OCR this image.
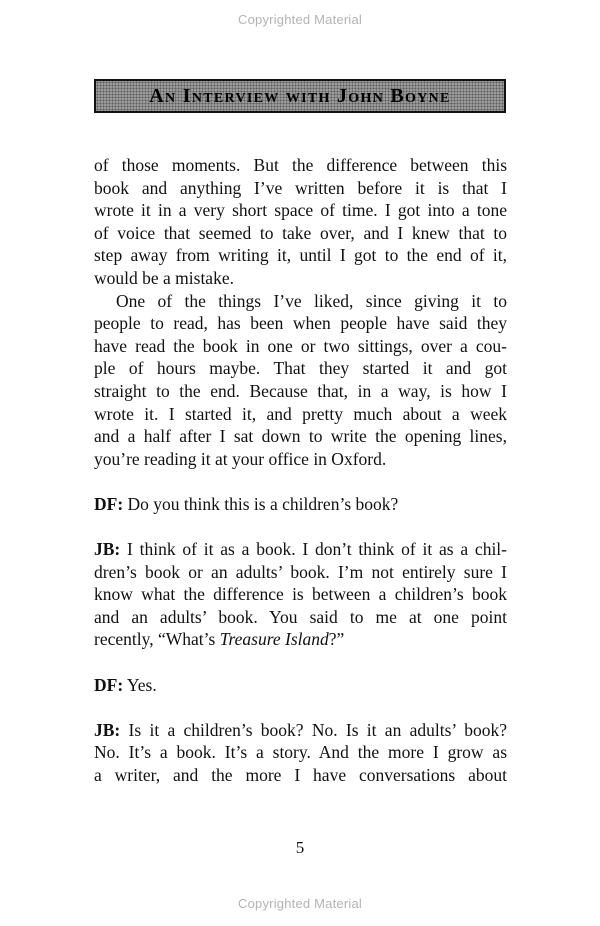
Copyrighted Material
An Interview with John Boyne
of those moments. But the difference between this
book and anything I’ve written before it is that I
wrote it in a very short space of time. I got into a tone
of voice that seemed to take over, and I knew that to
step away from writing it, until I got to the end of it,
would be a mistake.
One of the things I’ve liked, since giving it to
people to read, has been when people have said they
have read the book in one or two sittings, over a cou-
ple of hours maybe. That they started it and got
straight to the end. Because that, in a way, is how I
wrote it. I started it, and pretty much about a week
and a half after I sat down to write the opening lines,
you’re reading it at your office in Oxford.
DF: Do you think this is a children’s book?
JB: I think of it as a book. I don’t think of it as a chil-
dren’s book or an adults’ book. I’m not entirely sure I
know what the difference is between a children’s book
and an adults’ book. You said to me at one point
recently, “What’s Treasure Island?”
DF: Yes.
JB: Is it a children’s book? No. Is it an adults’ book?
No. It’s a book. It’s a story. And the more I grow as
a writer, and the more I have conversations about
5
Copyrighted Material
